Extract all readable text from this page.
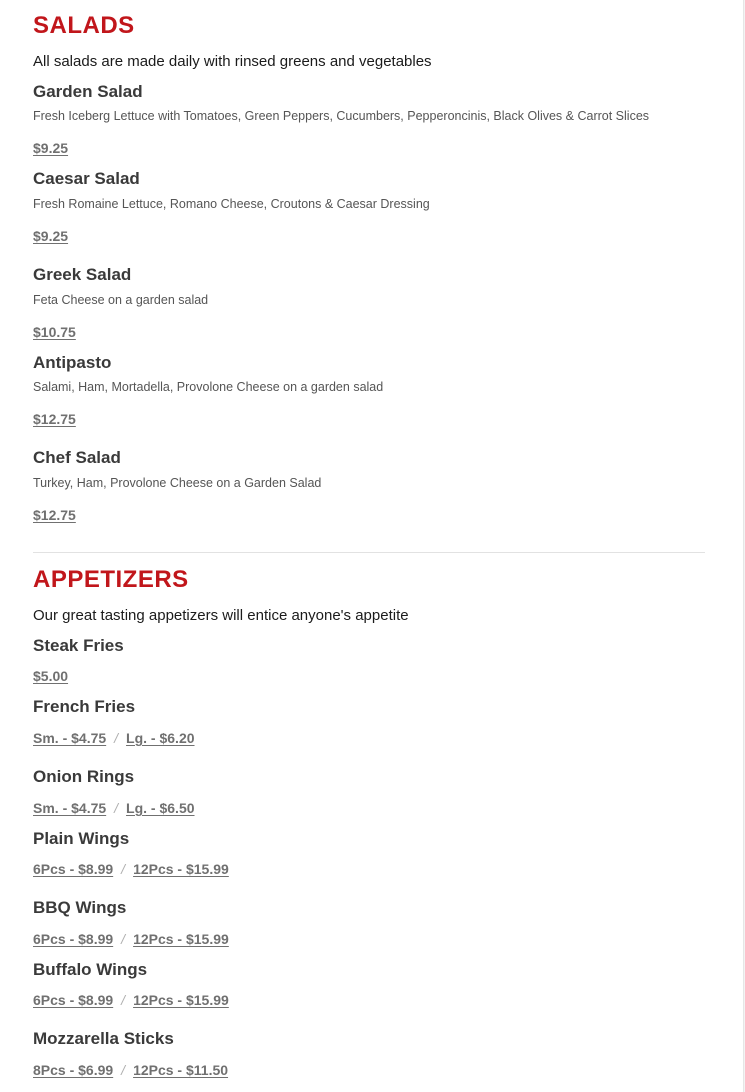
SALADS

All salads are made daily with rinsed greens and vegetables

Garden Salad

Fresh Iceberg Lettuce with Tomatoes, Green Peppers, Cucumbers, Pepperoncinis, Black Olives & Carrot Slices

$9.25

Caesar Salad

Fresh Romaine Lettuce, Romano Cheese, Croutons & Caesar Dressing

$9.25

Greek Salad

Feta Cheese on a garden salad

$10.75

Antipasto

Salami, Ham, Mortadella, Provolone Cheese on a garden salad

$12.75

Chef Salad

Turkey, Ham, Provolone Cheese on a Garden Salad

$12.75

APPETIZERS

Our great tasting appetizers will entice anyone's appetite

Steak Fries

$5.00

French Fries

Sm. - $4.75 / Lg. - $6.20

Onion Rings

Sm. - $4.75 / Lg. - $6.50

Plain Wings

6Pcs - $8.99 / 12Pcs - $15.99

BBQ Wings

6Pcs - $8.99 / 12Pcs - $15.99

Buffalo Wings

6Pcs - $8.99 / 12Pcs - $15.99

Mozzarella Sticks

8Pcs - $6.99 / 12Pcs - $11.50
